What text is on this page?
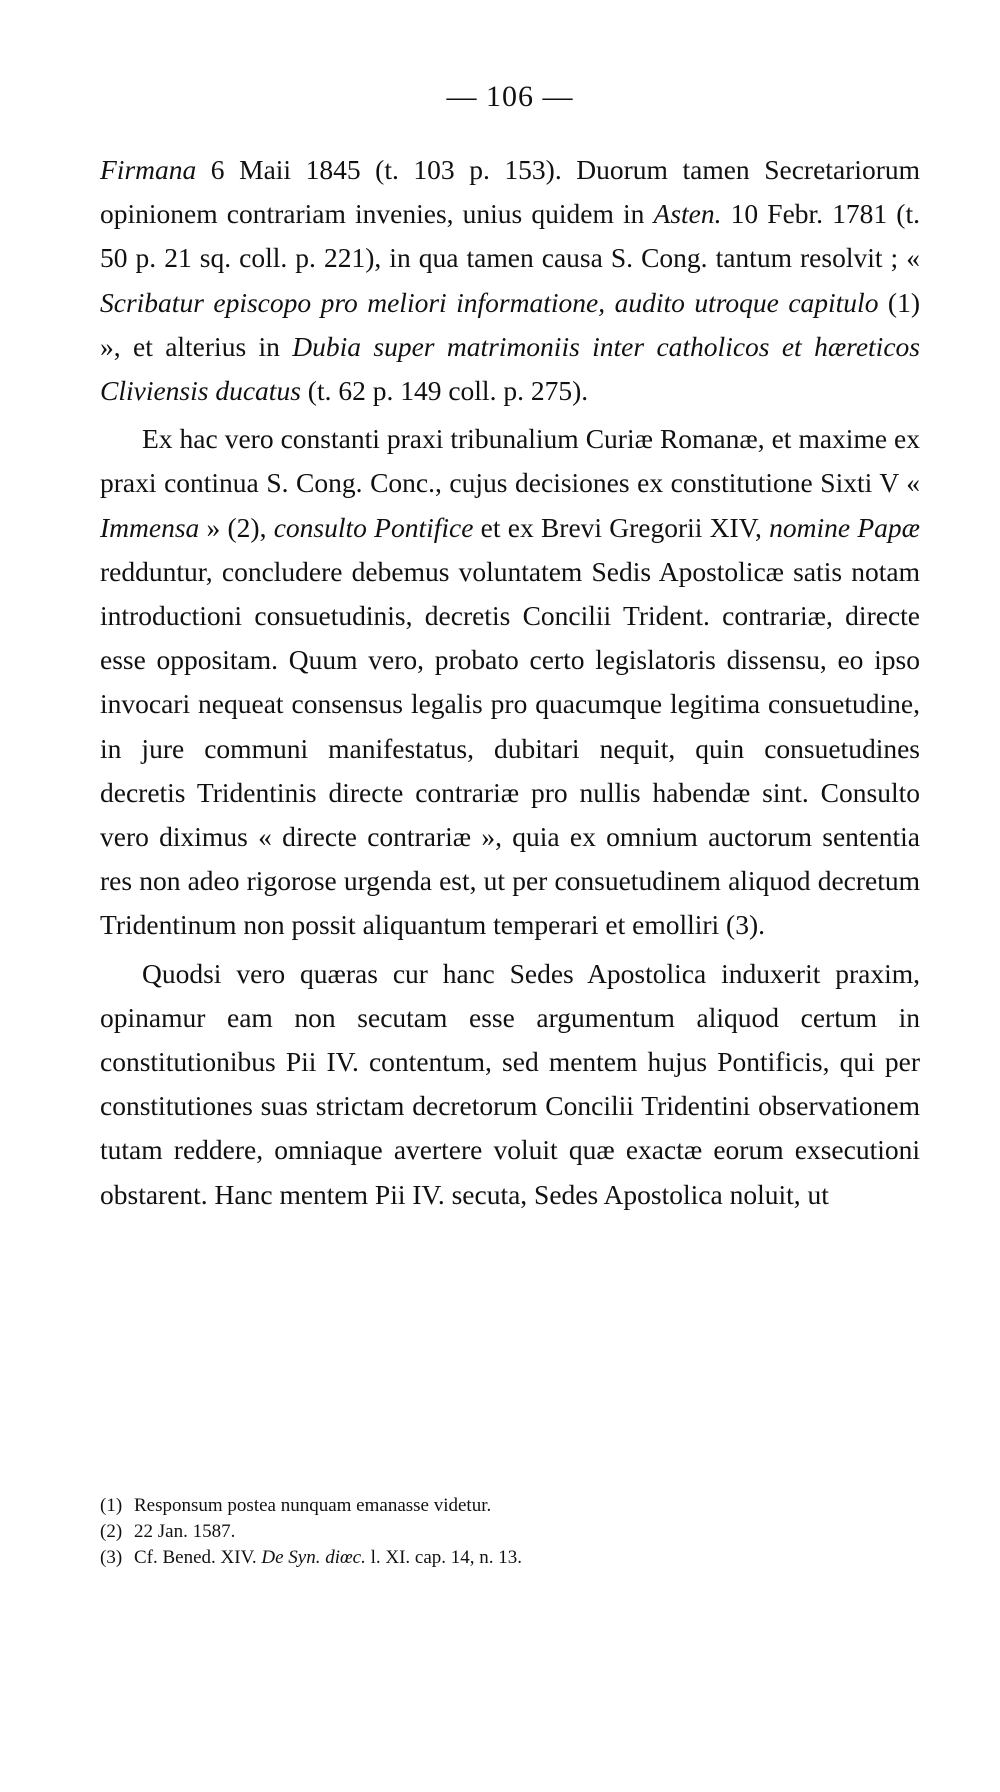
— 106 —

Firmana 6 Maii 1845 (t. 103 p. 153). Duorum tamen Secretariorum opinionem contrariam invenies, unius quidem in Asten. 10 Febr. 1781 (t. 50 p. 21 sq. coll. p. 221), in qua tamen causa S. Cong. tantum resolvit ; « Scribatur episcopo pro meliori informatione, audito utroque capitulo (1) », et alterius in Dubia super matrimoniis inter catholicos et hæreticos Cliviensis ducatus (t. 62 p. 149 coll. p. 275).

Ex hac vero constanti praxi tribunalium Curiæ Romanæ, et maxime ex praxi continua S. Cong. Conc., cujus decisiones ex constitutione Sixti V « Immensa » (2), consulto Pontifice et ex Brevi Gregorii XIV, nomine Papæ redduntur, concludere debemus voluntatem Sedis Apostolicæ satis notam introductioni consuetudinis, decretis Concilii Trident. contrariæ, directe esse oppositam. Quum vero, probato certo legislatoris dissensu, eo ipso invocari nequeat consensus legalis pro quacumque legitima consuetudine, in jure communi manifestatus, dubitari nequit, quin consuetudines decretis Tridentinis directe contrariæ pro nullis habendæ sint. Consulto vero diximus « directe contrariæ », quia ex omnium auctorum sententia res non adeo rigorose urgenda est, ut per consuetudinem aliquod decretum Tridentinum non possit aliquantum temperari et emolliri (3).

Quodsi vero quæras cur hanc Sedes Apostolica induxerit praxim, opinamur eam non secutam esse argumentum aliquod certum in constitutionibus Pii IV. contentum, sed mentem hujus Pontificis, qui per constitutiones suas strictam decretorum Concilii Tridentini observationem tutam reddere, omniaque avertere voluit quæ exactæ eorum exsecutioni obstarent. Hanc mentem Pii IV. secuta, Sedes Apostolica noluit, ut

(1) Responsum postea nunquam emanasse videtur.
(2) 22 Jan. 1587.
(3) Cf. Bened. XIV. De Syn. diœc. l. XI. cap. 14, n. 13.
